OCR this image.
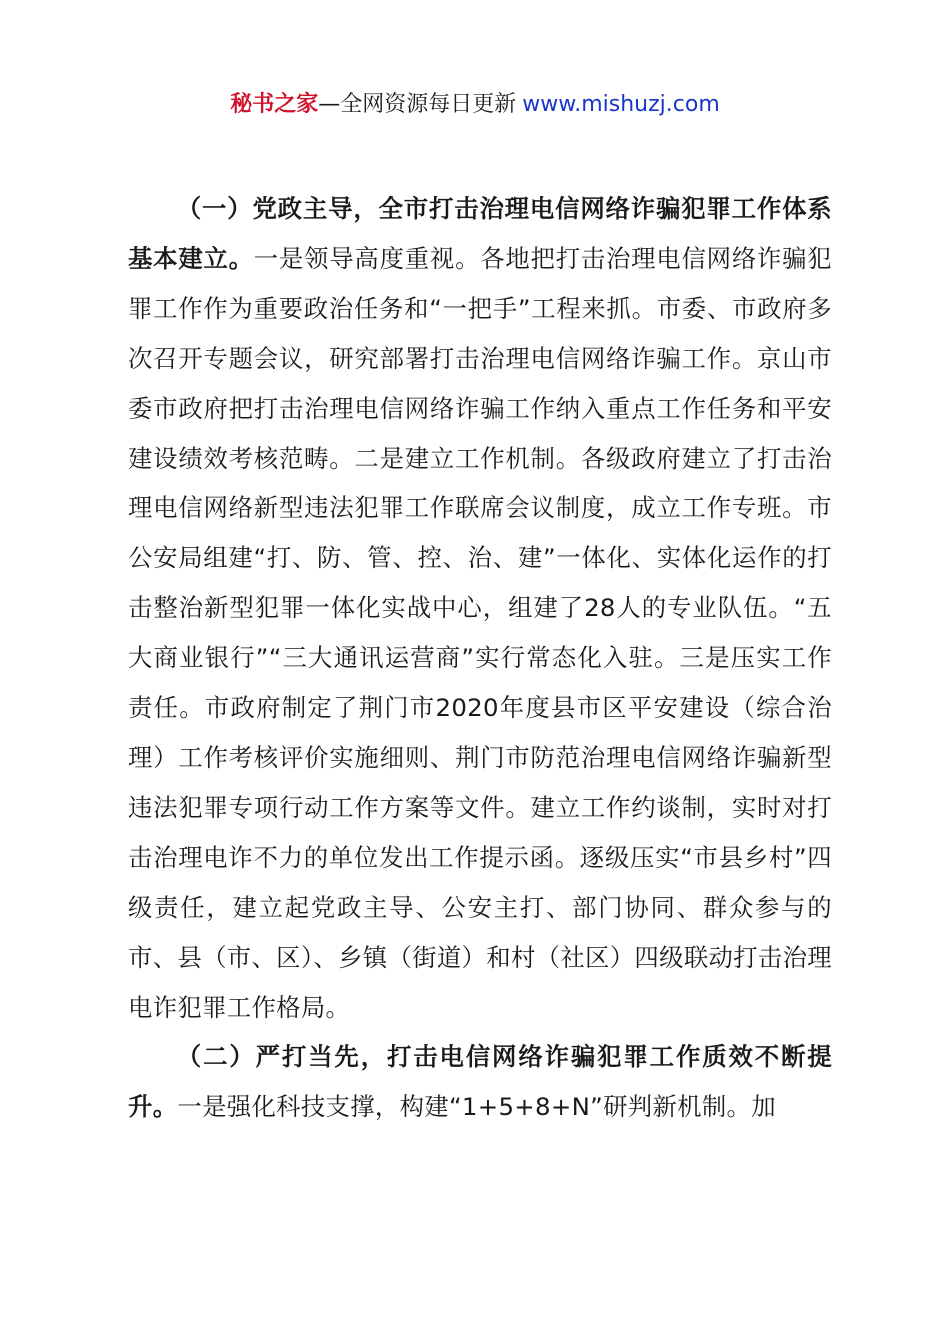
秘书之家—全网资源每日更新 www.mishuzj.com

（一）党政主导，全市打击治理电信网络诈骗犯罪工作体系基本建立。一是领导高度重视。各地把打击治理电信网络诈骗犯罪工作作为重要政治任务和“一把手”工程来抓。市委、市政府多次召开专题会议，研究部署打击治理电信网络诈骗工作。京山市委市政府把打击治理电信网络诈骗工作纳入重点工作任务和平安建设绩效考核范畴。二是建立工作机制。各级政府建立了打击治理电信网络新型违法犯罪工作联席会议制度，成立工作专班。市公安局组建“打、防、管、控、治、建”一体化、实体化运作的打击整治新型犯罪一体化实战中心，组建了28人的专业队伍。“五大商业银行”“三大通讯运营商”实行常态化入驻。三是压实工作责任。市政府制定了荆门市2020年度县市区平安建设（综合治理）工作考核评价实施细则、荆门市防范治理电信网络诈骗新型违法犯罪专项行动工作方案等文件。建立工作约谈制，实时对打击治理电诈不力的单位发出工作提示函。逐级压实“市县乡村”四级责任，建立起党政主导、公安主打、部门协同、群众参与的市、县（市、区）、乡镇（街道）和村（社区）四级联动打击治理电诈犯罪工作格局。

（二）严打当先，打击电信网络诈骗犯罪工作质效不断提升。一是强化科技支撑，构建“1+5+8+N”研判新机制。加
